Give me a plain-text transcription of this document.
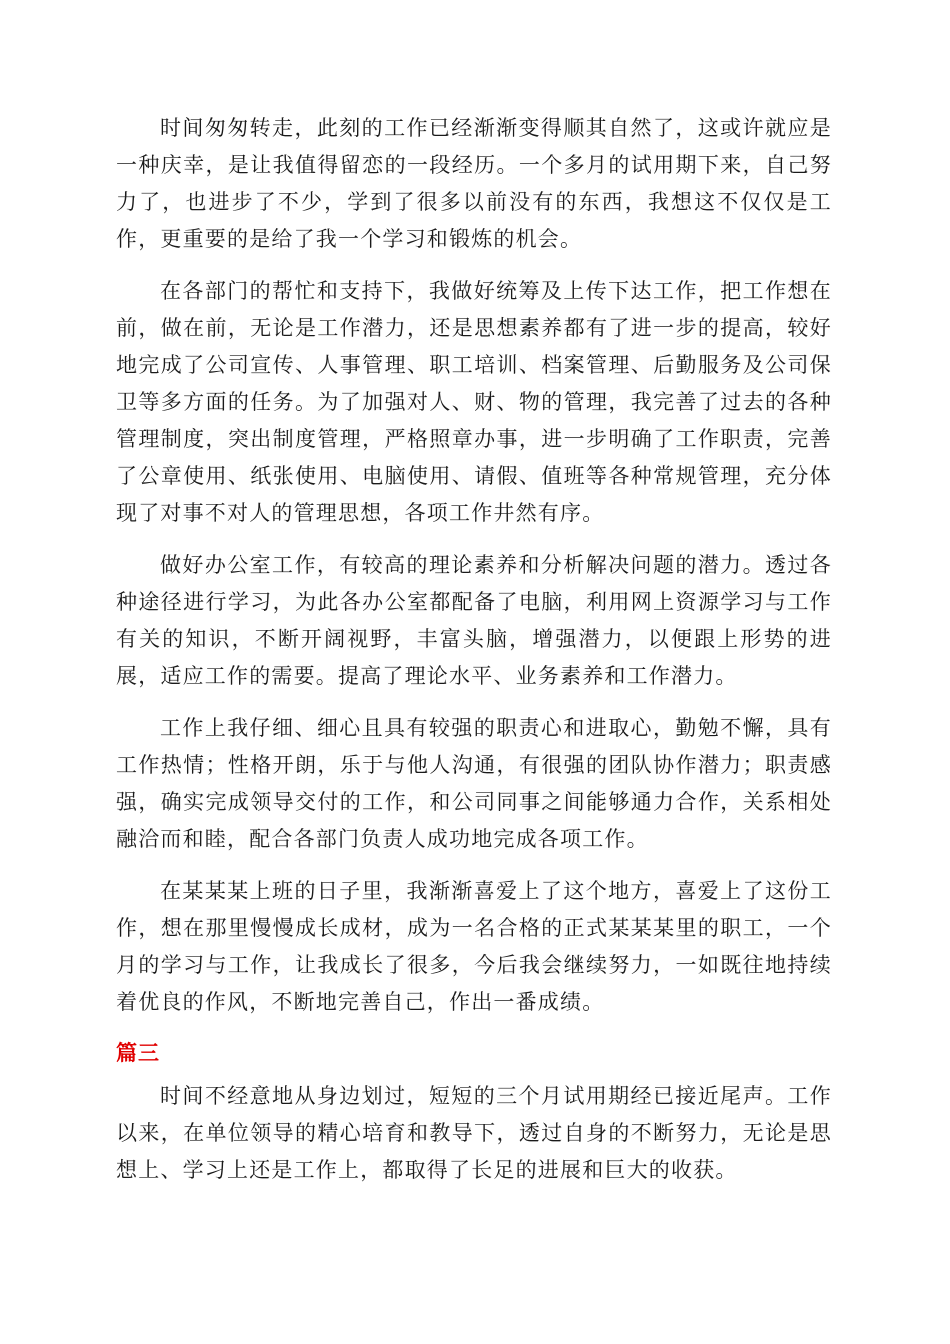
时间匆匆转走，此刻的工作已经渐渐变得顺其自然了，这或许就应是一种庆幸，是让我值得留恋的一段经历。一个多月的试用期下来，自己努力了，也进步了不少，学到了很多以前没有的东西，我想这不仅仅是工作，更重要的是给了我一个学习和锻炼的机会。

在各部门的帮忙和支持下，我做好统筹及上传下达工作，把工作想在前，做在前，无论是工作潜力，还是思想素养都有了进一步的提高，较好地完成了公司宣传、人事管理、职工培训、档案管理、后勤服务及公司保卫等多方面的任务。为了加强对人、财、物的管理，我完善了过去的各种管理制度，突出制度管理，严格照章办事，进一步明确了工作职责，完善了公章使用、纸张使用、电脑使用、请假、值班等各种常规管理，充分体现了对事不对人的管理思想，各项工作井然有序。

做好办公室工作，有较高的理论素养和分析解决问题的潜力。透过各种途径进行学习，为此各办公室都配备了电脑，利用网上资源学习与工作有关的知识，不断开阔视野，丰富头脑，增强潜力，以便跟上形势的进展，适应工作的需要。提高了理论水平、业务素养和工作潜力。

工作上我仔细、细心且具有较强的职责心和进取心，勤勉不懈，具有工作热情；性格开朗，乐于与他人沟通，有很强的团队协作潜力；职责感强，确实完成领导交付的工作，和公司同事之间能够通力合作，关系相处融洽而和睦，配合各部门负责人成功地完成各项工作。

在某某某上班的日子里，我渐渐喜爱上了这个地方，喜爱上了这份工作，想在那里慢慢成长成材，成为一名合格的正式某某某里的职工，一个月的学习与工作，让我成长了很多，今后我会继续努力，一如既往地持续着优良的作风，不断地完善自己，作出一番成绩。

篇三

时间不经意地从身边划过，短短的三个月试用期经已接近尾声。工作以来，在单位领导的精心培育和教导下，透过自身的不断努力，无论是思想上、学习上还是工作上，都取得了长足的进展和巨大的收获。
